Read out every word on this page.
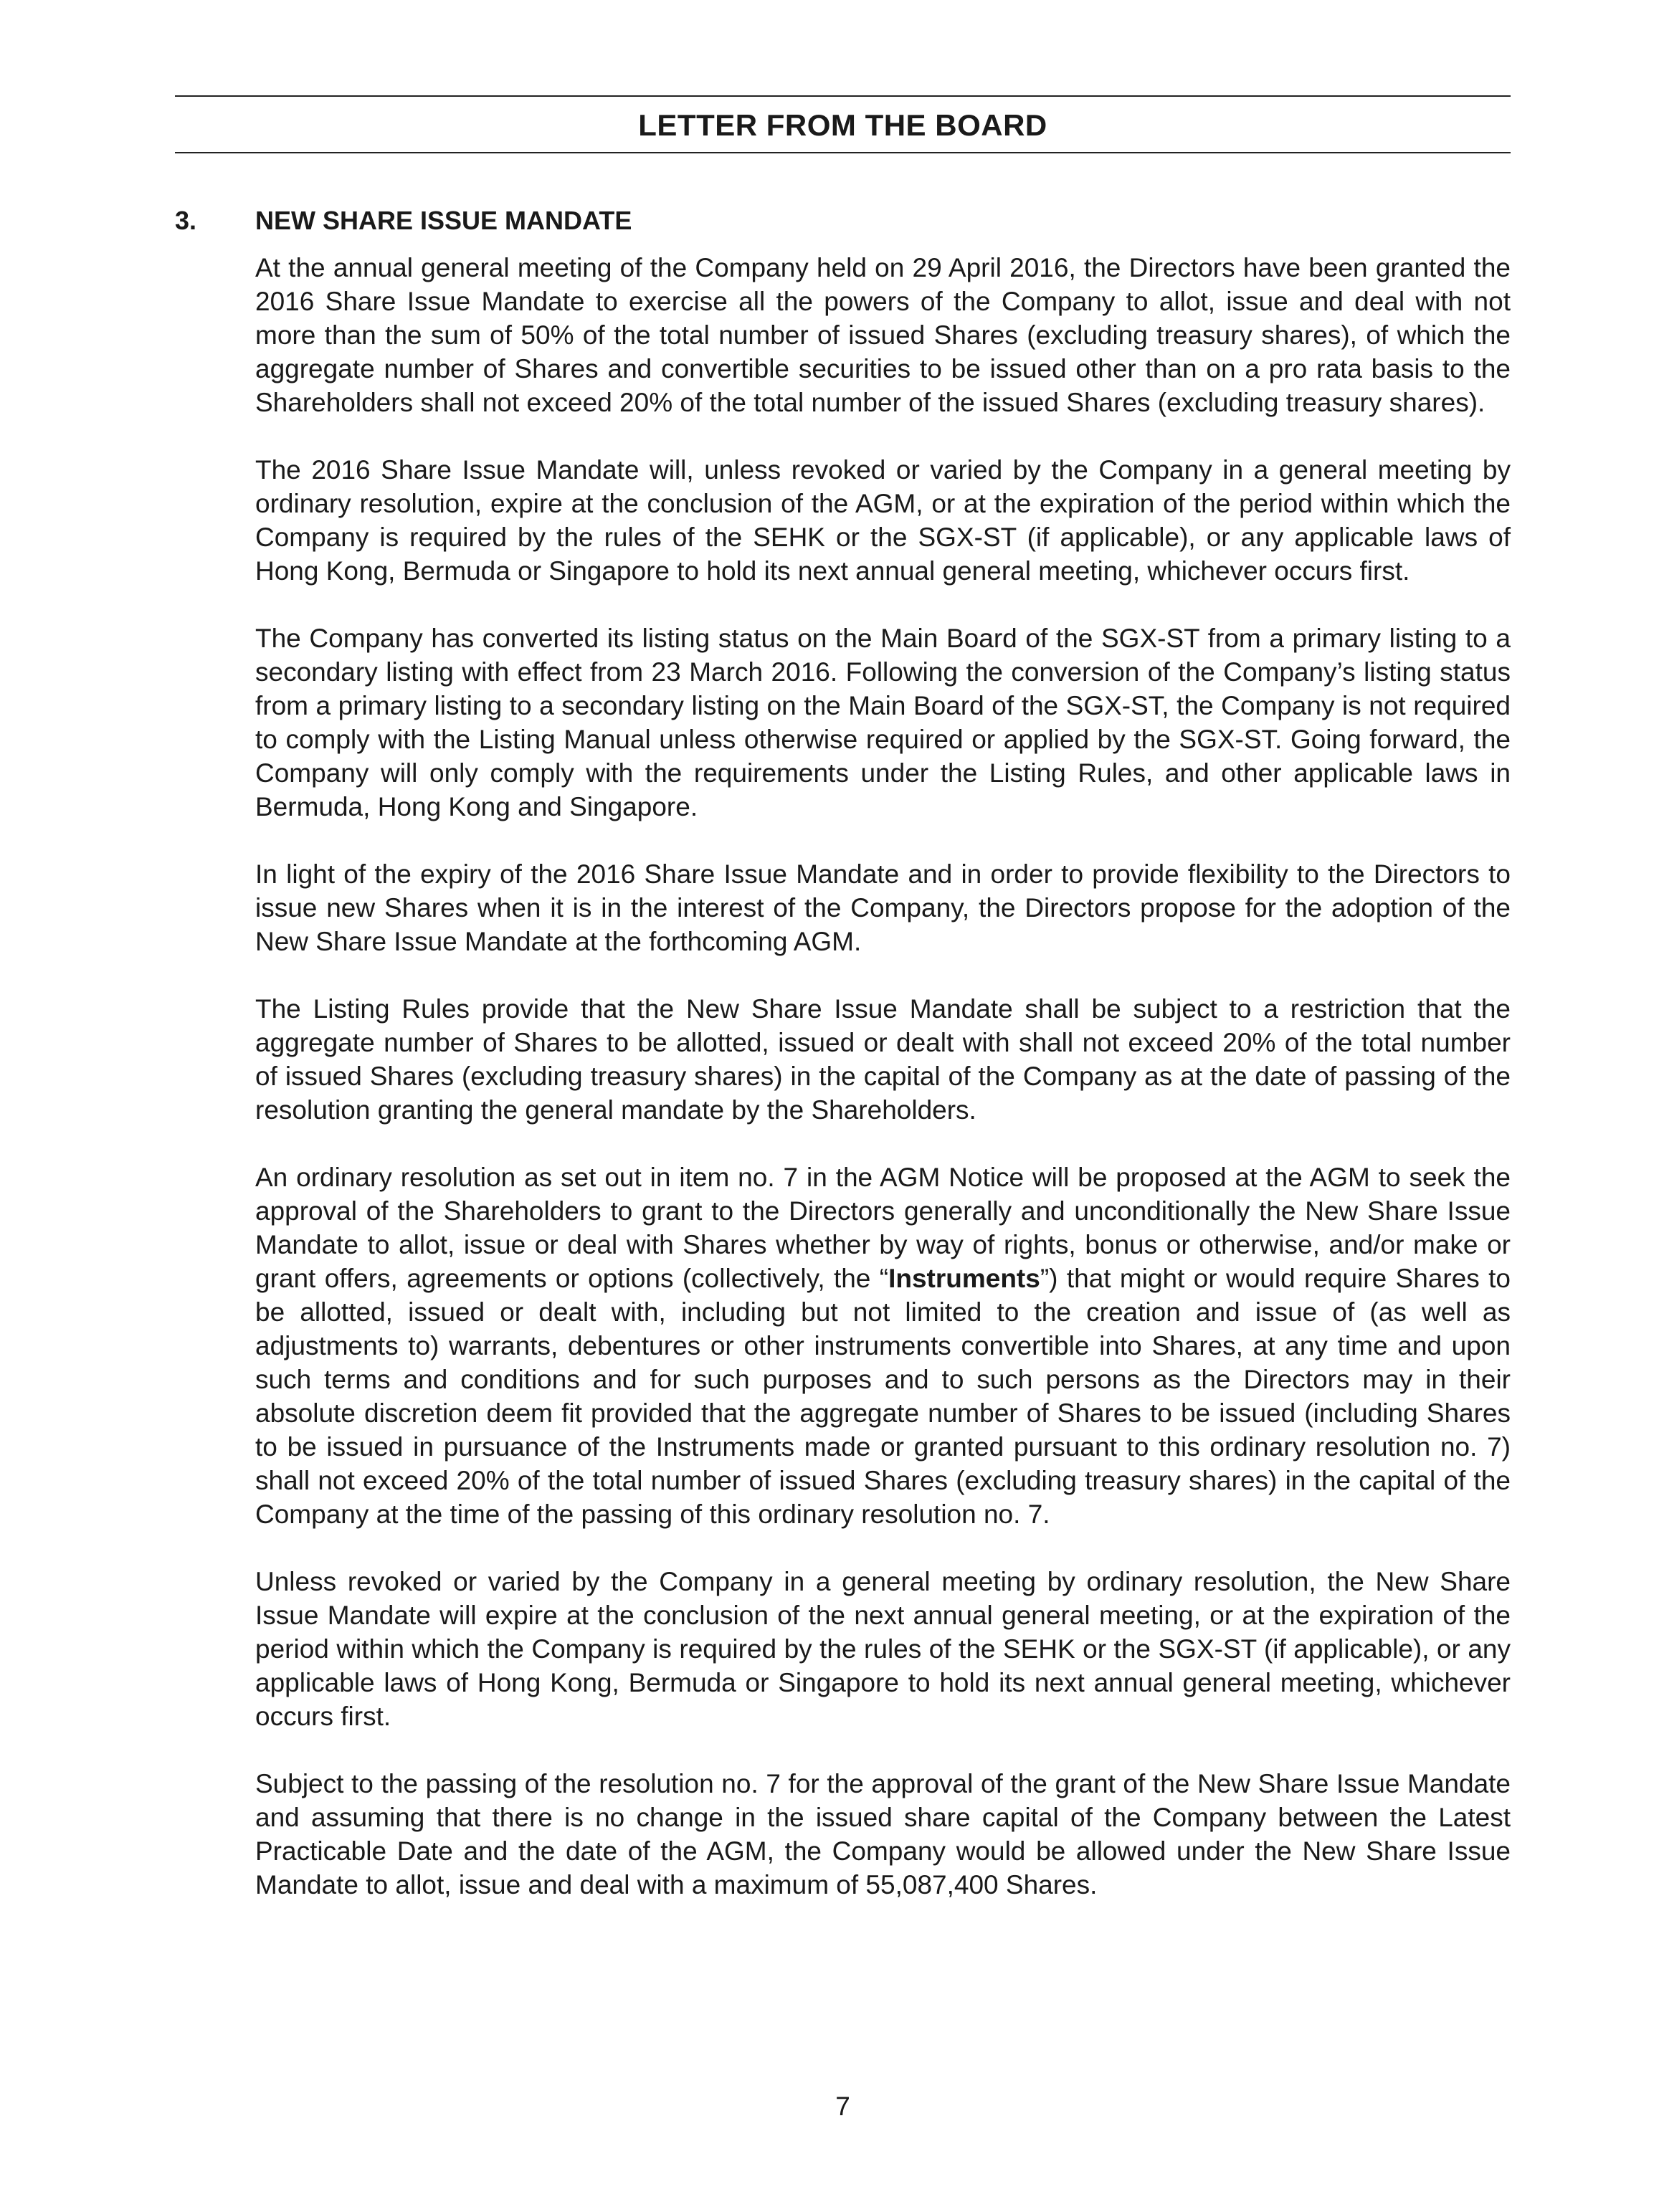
LETTER FROM THE BOARD
3. NEW SHARE ISSUE MANDATE

At the annual general meeting of the Company held on 29 April 2016, the Directors have been granted the 2016 Share Issue Mandate to exercise all the powers of the Company to allot, issue and deal with not more than the sum of 50% of the total number of issued Shares (excluding treasury shares), of which the aggregate number of Shares and convertible securities to be issued other than on a pro rata basis to the Shareholders shall not exceed 20% of the total number of the issued Shares (excluding treasury shares).

The 2016 Share Issue Mandate will, unless revoked or varied by the Company in a general meeting by ordinary resolution, expire at the conclusion of the AGM, or at the expiration of the period within which the Company is required by the rules of the SEHK or the SGX-ST (if applicable), or any applicable laws of Hong Kong, Bermuda or Singapore to hold its next annual general meeting, whichever occurs first.

The Company has converted its listing status on the Main Board of the SGX-ST from a primary listing to a secondary listing with effect from 23 March 2016. Following the conversion of the Company’s listing status from a primary listing to a secondary listing on the Main Board of the SGX-ST, the Company is not required to comply with the Listing Manual unless otherwise required or applied by the SGX-ST. Going forward, the Company will only comply with the requirements under the Listing Rules, and other applicable laws in Bermuda, Hong Kong and Singapore.

In light of the expiry of the 2016 Share Issue Mandate and in order to provide flexibility to the Directors to issue new Shares when it is in the interest of the Company, the Directors propose for the adoption of the New Share Issue Mandate at the forthcoming AGM.

The Listing Rules provide that the New Share Issue Mandate shall be subject to a restriction that the aggregate number of Shares to be allotted, issued or dealt with shall not exceed 20% of the total number of issued Shares (excluding treasury shares) in the capital of the Company as at the date of passing of the resolution granting the general mandate by the Shareholders.

An ordinary resolution as set out in item no. 7 in the AGM Notice will be proposed at the AGM to seek the approval of the Shareholders to grant to the Directors generally and unconditionally the New Share Issue Mandate to allot, issue or deal with Shares whether by way of rights, bonus or otherwise, and/or make or grant offers, agreements or options (collectively, the “Instruments”) that might or would require Shares to be allotted, issued or dealt with, including but not limited to the creation and issue of (as well as adjustments to) warrants, debentures or other instruments convertible into Shares, at any time and upon such terms and conditions and for such purposes and to such persons as the Directors may in their absolute discretion deem fit provided that the aggregate number of Shares to be issued (including Shares to be issued in pursuance of the Instruments made or granted pursuant to this ordinary resolution no. 7) shall not exceed 20% of the total number of issued Shares (excluding treasury shares) in the capital of the Company at the time of the passing of this ordinary resolution no. 7.

Unless revoked or varied by the Company in a general meeting by ordinary resolution, the New Share Issue Mandate will expire at the conclusion of the next annual general meeting, or at the expiration of the period within which the Company is required by the rules of the SEHK or the SGX-ST (if applicable), or any applicable laws of Hong Kong, Bermuda or Singapore to hold its next annual general meeting, whichever occurs first.

Subject to the passing of the resolution no. 7 for the approval of the grant of the New Share Issue Mandate and assuming that there is no change in the issued share capital of the Company between the Latest Practicable Date and the date of the AGM, the Company would be allowed under the New Share Issue Mandate to allot, issue and deal with a maximum of 55,087,400 Shares.

7
